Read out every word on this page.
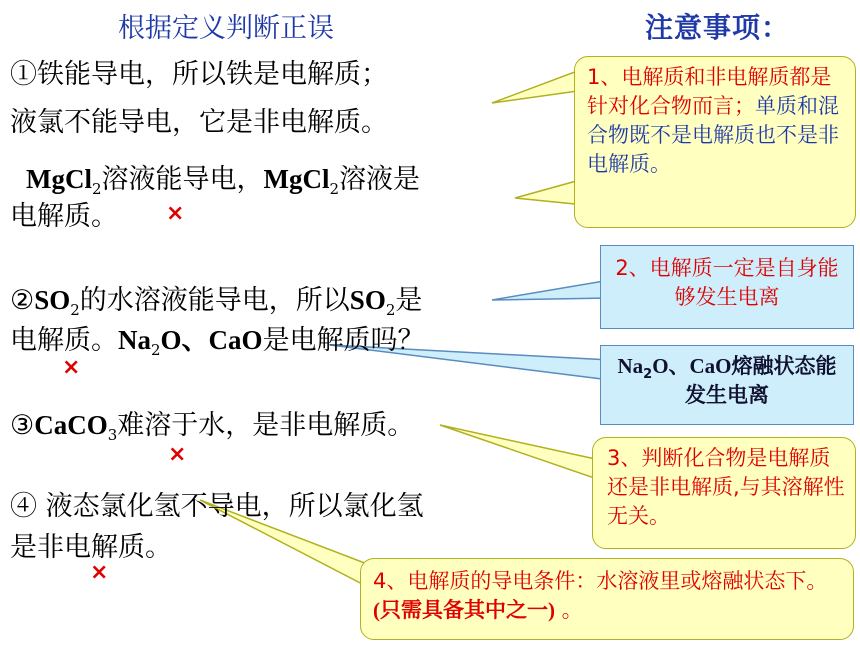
根据定义判断正误	注意事项：
①铁能导电，所以铁是电解质；
液氯不能导电，它是非电解质。
MgCl$_2$溶液能导电，MgCl$_2$溶液是
电解质。 ×
$②SO_2$的水溶液能导电，所以$SO_2$是
电解质。$Na_2O$、CaO是电解质吗？
×
③CaCO$_3$难溶于水，是非电解质。
×
④ 液态氯化氢不导电，所以氯化氢
是非电解质。
×
1、电解质和非电解质都是针对化合物而言；单质和混合物既不是电解质也不是非电解质。
2、电解质一定是自身能够发生电离
$Na_2O$、CaO熔融状态能发生电离
3、判断化合物是电解质还是非电解质,与其溶解性无关。
4、电解质的导电条件：水溶液里或熔融状态下。(只需具备其中之一) 。
